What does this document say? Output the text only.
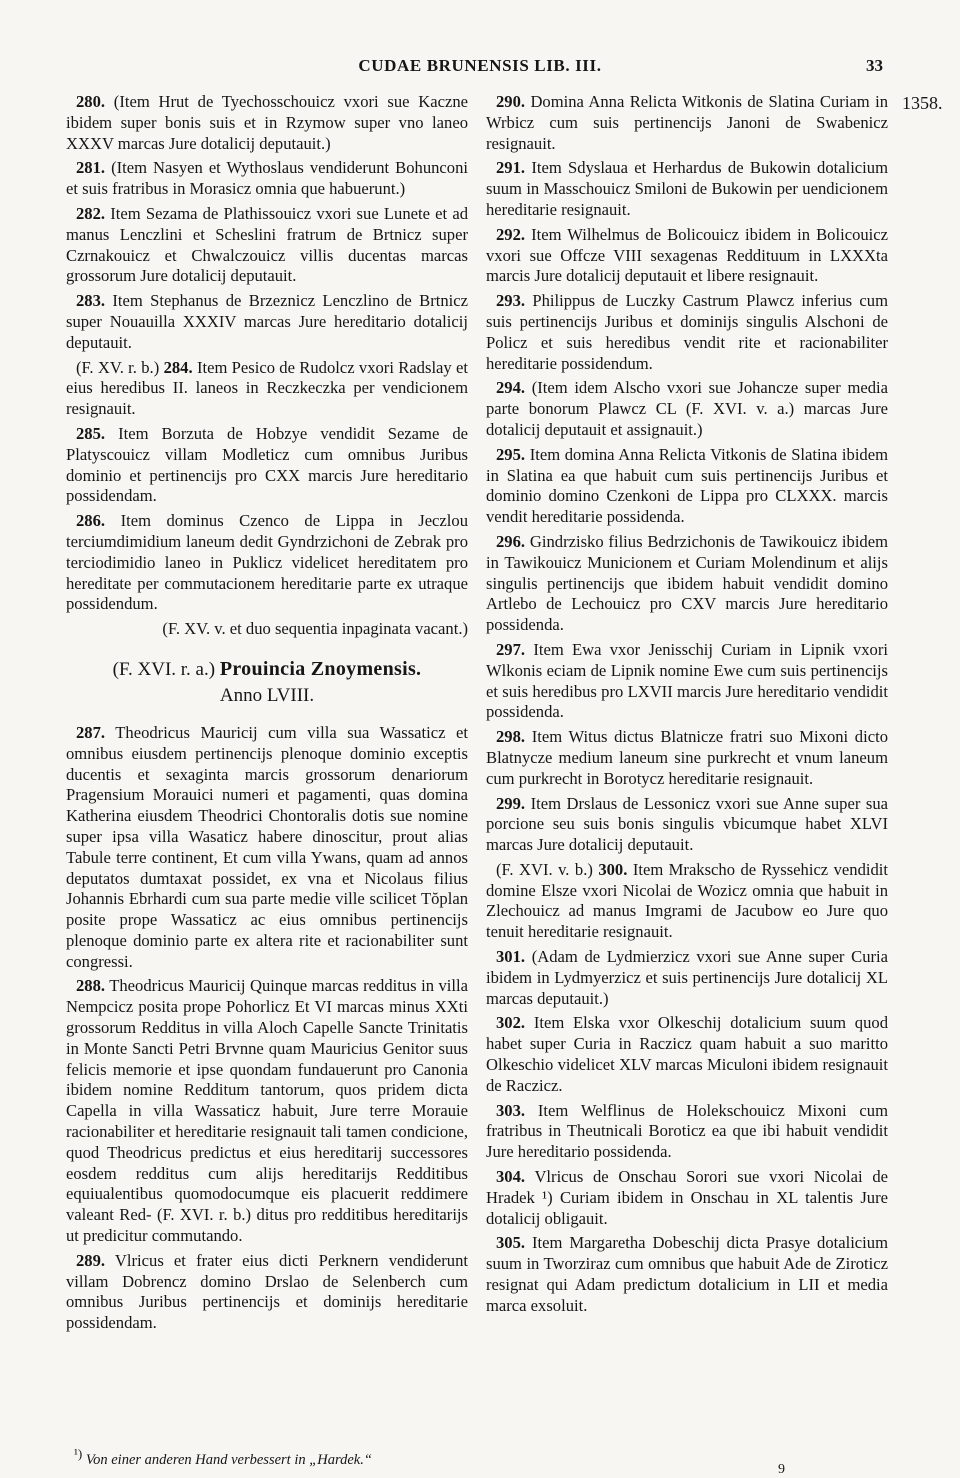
CUDAE BRUNENSIS LIB. III.	33
1358.

280. (Item Hrut de Tyechosschouicz vxori sue Kaczne ibidem super bonis suis et in Rzymow super vno laneo XXXV marcas Jure dotalicij deputauit.)

281. (Item Nasyen et Wythoslaus vendiderunt Bohunconi et suis fratribus in Morasicz omnia que habuerunt.)

282. Item Sezama de Plathissouicz vxori sue Lunete et ad manus Lenczlini et Scheslini fratrum de Brtnicz super Czrnakouicz et Chwalczouicz villis ducentas marcas grossorum Jure dotalicij deputauit.

283. Item Stephanus de Brzeznicz Lenczlino de Brtnicz super Nouauilla XXXIV marcas Jure hereditario dotalicij deputauit.

(F. XV. r. b.) 284. Item Pesico de Rudolcz vxori Radslay et eius heredibus II. laneos in Reczkeczka per vendicionem resignauit.

285. Item Borzuta de Hobzye vendidit Sezame de Platyscouicz villam Modleticz cum omnibus Juribus dominio et pertinencijs pro CXX marcis Jure hereditario possidendam.

286. Item dominus Czenco de Lippa in Jeczlou terciumdimidium laneum dedit Gyndrzichoni de Zebrak pro terciodimidio laneo in Puklicz videlicet hereditatem pro hereditate per commutacionem hereditarie parte ex utraque possidendum.

(F. XV. v. et duo sequentia inpaginata vacant.)

(F. XVI. r. a.) Prouincia Znoymensis.
Anno LVIII.

287. Theodricus Mauricij cum villa sua Wassaticz et omnibus eiusdem pertinencijs plenoque dominio exceptis ducentis et sexaginta marcis grossorum denariorum Pragensium Morauici numeri et pagamenti, quas domina Katherina eiusdem Theodrici Chontoralis dotis sue nomine super ipsa villa Wasaticz habere dinoscitur, prout alias Tabule terre continent, Et cum villa Ywans, quam ad annos deputatos dumtaxat possidet, ex vna et Nicolaus filius Johannis Ebrhardi cum sua parte medie ville scilicet Tŏplan posite prope Wassaticz ac eius omnibus pertinencijs plenoque dominio parte ex altera rite et racionabiliter sunt congressi.

288. Theodricus Mauricij Quinque marcas redditus in villa Nempcicz posita prope Pohorlicz Et VI marcas minus XXti grossorum Redditus in villa Aloch Capelle Sancte Trinitatis in Monte Sancti Petri Brvnne quam Mauricius Genitor suus felicis memorie et ipse quondam fundauerunt pro Canonia ibidem nomine Redditum tantorum, quos pridem dicta Capella in villa Wassaticz habuit, Jure terre Morauie racionabiliter et hereditarie resignauit tali tamen condicione, quod Theodricus predictus et eius hereditarij successores eosdem redditus cum alijs hereditarijs Redditibus equiualentibus quomodocumque eis placuerit reddimere valeant Red- (F. XVI. r. b.) ditus pro redditibus hereditarijs ut predicitur commutando.

289. Vlricus et frater eius dicti Perknern vendiderunt villam Dobrencz domino Drslao de Selenberch cum omnibus Juribus pertinencijs et dominijs hereditarie possidendam.

290. Domina Anna Relicta Witkonis de Slatina Curiam in Wrbicz cum suis pertinencijs Janoni de Swabenicz resignauit.

291. Item Sdyslaua et Herhardus de Bukowin dotalicium suum in Masschouicz Smiloni de Bukowin per uendicionem hereditarie resignauit.

292. Item Wilhelmus de Bolicouicz ibidem in Bolicouicz vxori sue Offcze VIII sexagenas Reddituum in LXXXta marcis Jure dotalicij deputauit et libere resignauit.

293. Philippus de Luczky Castrum Plawcz inferius cum suis pertinencijs Juribus et dominijs singulis Alschoni de Policz et suis heredibus vendit rite et racionabiliter hereditarie possidendum.

294. (Item idem Alscho vxori sue Johancze super media parte bonorum Plawcz CL (F. XVI. v. a.) marcas Jure dotalicij deputauit et assignauit.)

295. Item domina Anna Relicta Vitkonis de Slatina ibidem in Slatina ea que habuit cum suis pertinencijs Juribus et dominio domino Czenkoni de Lippa pro CLXXX. marcis vendit hereditarie possidenda.

296. Gindrzisko filius Bedrzichonis de Tawikouicz ibidem in Tawikouicz Municionem et Curiam Molendinum et alijs singulis pertinencijs que ibidem habuit vendidit domino Artlebo de Lechouicz pro CXV marcis Jure hereditario possidenda.

297. Item Ewa vxor Jenisschij Curiam in Lipnik vxori Wlkonis eciam de Lipnik nomine Ewe cum suis pertinencijs et suis heredibus pro LXVII marcis Jure hereditario vendidit possidenda.

298. Item Witus dictus Blatnicze fratri suo Mixoni dicto Blatnycze medium laneum sine purkrecht et vnum laneum cum purkrecht in Borotycz hereditarie resignauit.

299. Item Drslaus de Lessonicz vxori sue Anne super sua porcione seu suis bonis singulis vbicumque habet XLVI marcas Jure dotalicij deputauit.

(F. XVI. v. b.) 300. Item Mrakscho de Ryssehicz vendidit domine Elsze vxori Nicolai de Wozicz omnia que habuit in Zlechouicz ad manus Imgrami de Jacubow eo Jure quo tenuit hereditarie resignauit.

301. (Adam de Lydmierzicz vxori sue Anne super Curia ibidem in Lydmyerzicz et suis pertinencijs Jure dotalicij XL marcas deputauit.)

302. Item Elska vxor Olkeschij dotalicium suum quod habet super Curia in Raczicz quam habuit a suo maritto Olkeschio videlicet XLV marcas Miculoni ibidem resignauit de Raczicz.

303. Item Welflinus de Holekschouicz Mixoni cum fratribus in Theutnicali Boroticz ea que ibi habuit vendidit Jure hereditario possidenda.

304. Vlricus de Onschau Sorori sue vxori Nicolai de Hradek ¹) Curiam ibidem in Onschau in XL talentis Jure dotalicij obligauit.

305. Item Margaretha Dobeschij dicta Prasye dotalicium suum in Tworziraz cum omnibus que habuit Ade de Ziroticz resignat qui Adam predictum dotalicium in LII et media marca exsoluit.

¹) Von einer anderen Hand verbessert in „Hardek.“
9
